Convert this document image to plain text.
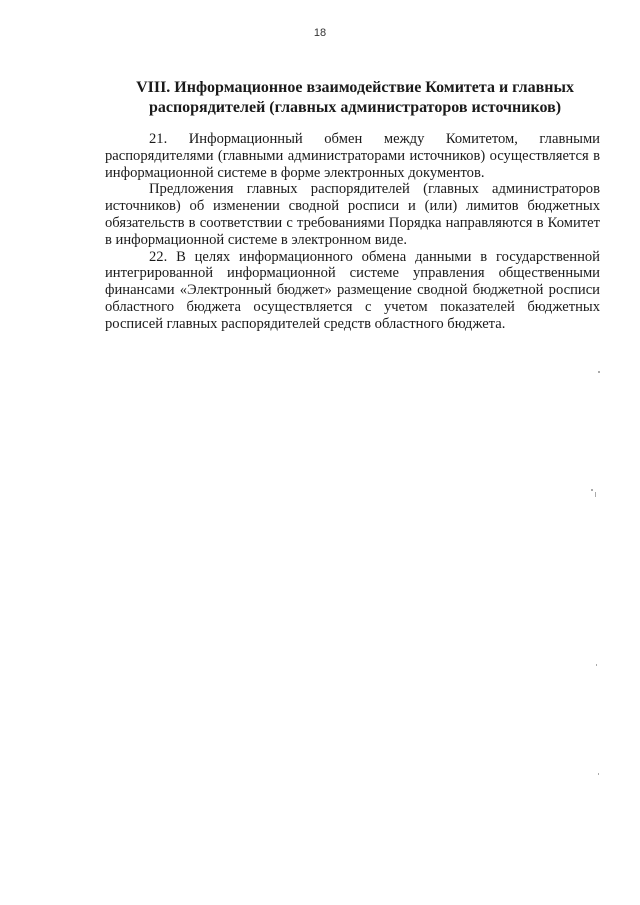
18
VIII. Информационное взаимодействие Комитета и главных
распорядителей (главных администраторов источников)

21. Информационный обмен между Комитетом, главными распорядителями (главными администраторами источников) осуществляется в информационной системе в форме электронных документов.

Предложения главных распорядителей (главных администраторов источников) об изменении сводной росписи и (или) лимитов бюджетных обязательств в соответствии с требованиями Порядка направляются в Комитет в информационной системе в электронном виде.

22. В целях информационного обмена данными в государственной интегрированной информационной системе управления общественными финансами «Электронный бюджет» размещение сводной бюджетной росписи областного бюджета осуществляется с учетом показателей бюджетных росписей главных распорядителей средств областного бюджета.
